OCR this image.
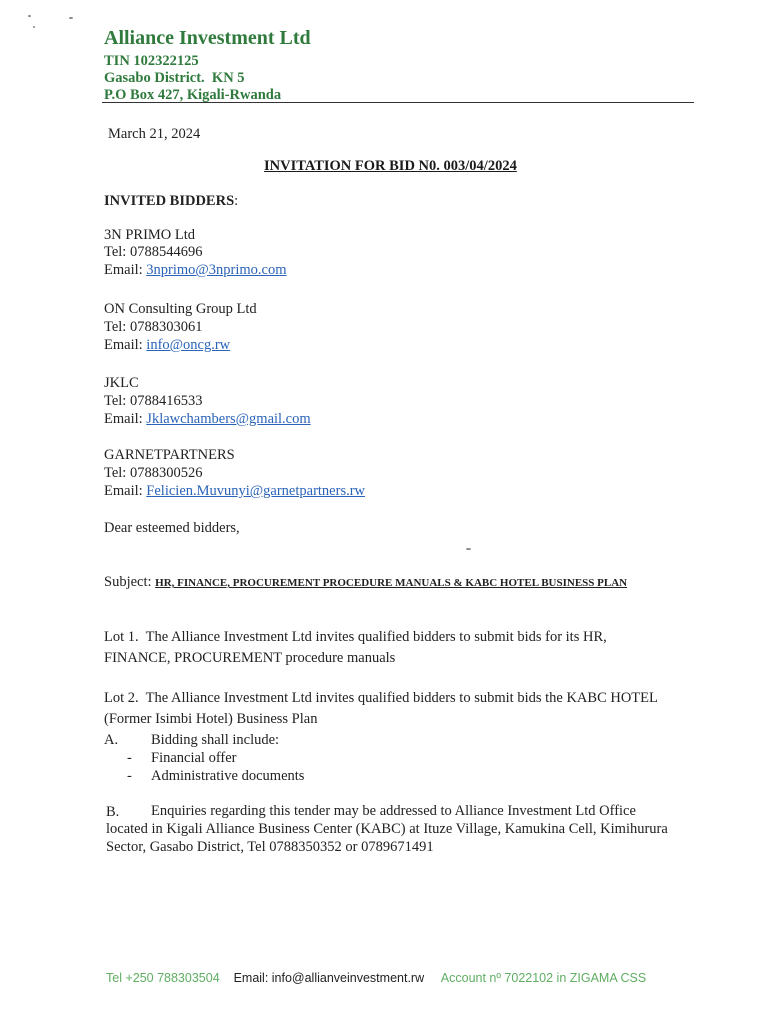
Alliance Investment Ltd
TIN 102322125
Gasabo District.  KN 5
P.O Box 427, Kigali-Rwanda
March 21, 2024
INVITATION FOR BID N0. 003/04/2024
INVITED BIDDERS:
3N PRIMO Ltd
Tel: 0788544696
Email: 3nprimo@3nprimo.com
ON Consulting Group Ltd
Tel: 0788303061
Email: info@oncg.rw
JKLC
Tel: 0788416533
Email: Jklawchambers@gmail.com
GARNETPARTNERS
Tel: 0788300526
Email: Felicien.Muvunyi@garnetpartners.rw
Dear esteemed bidders,
Subject: HR, FINANCE, PROCUREMENT PROCEDURE MANUALS & KABC HOTEL BUSINESS PLAN
Lot 1.  The Alliance Investment Ltd invites qualified bidders to submit bids for its HR,
FINANCE, PROCUREMENT procedure manuals
Lot 2.  The Alliance Investment Ltd invites qualified bidders to submit bids the KABC HOTEL
(Former Isimbi Hotel) Business Plan
A. Bidding shall include:
- Financial offer
- Administrative documents
B. Enquiries regarding this tender may be addressed to Alliance Investment Ltd Office
located in Kigali Alliance Business Center (KABC) at Ituze Village, Kamukina Cell, Kimihurura
Sector, Gasabo District, Tel 0788350352 or 0789671491
Tel +250 788303504 Email: info@allianveinvestment.rw Account nº 7022102 in ZIGAMA CSS
